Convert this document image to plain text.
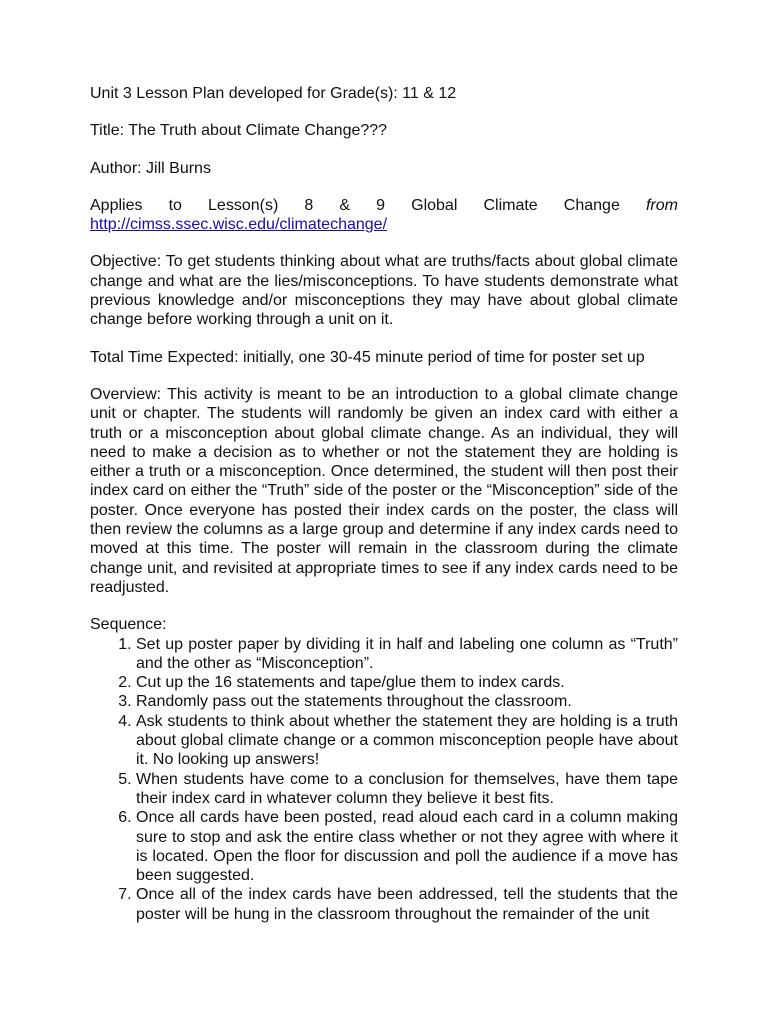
Unit 3 Lesson Plan developed for Grade(s): 11 & 12

Title: The Truth about Climate Change???

Author: Jill Burns

Applies to Lesson(s) 8 & 9 Global Climate Change from
http://cimss.ssec.wisc.edu/climatechange/

Objective: To get students thinking about what are truths/facts about global climate change and what are the lies/misconceptions. To have students demonstrate what previous knowledge and/or misconceptions they may have about global climate change before working through a unit on it.

Total Time Expected: initially, one 30-45 minute period of time for poster set up

Overview: This activity is meant to be an introduction to a global climate change unit or chapter. The students will randomly be given an index card with either a truth or a misconception about global climate change. As an individual, they will need to make a decision as to whether or not the statement they are holding is either a truth or a misconception. Once determined, the student will then post their index card on either the “Truth” side of the poster or the “Misconception” side of the poster. Once everyone has posted their index cards on the poster, the class will then review the columns as a large group and determine if any index cards need to moved at this time. The poster will remain in the classroom during the climate change unit, and revisited at appropriate times to see if any index cards need to be readjusted.

Sequence:

1. Set up poster paper by dividing it in half and labeling one column as “Truth” and the other as “Misconception”.
2. Cut up the 16 statements and tape/glue them to index cards.
3. Randomly pass out the statements throughout the classroom.
4. Ask students to think about whether the statement they are holding is a truth about global climate change or a common misconception people have about it. No looking up answers!
5. When students have come to a conclusion for themselves, have them tape their index card in whatever column they believe it best fits.
6. Once all cards have been posted, read aloud each card in a column making sure to stop and ask the entire class whether or not they agree with where it is located. Open the floor for discussion and poll the audience if a move has been suggested.
7. Once all of the index cards have been addressed, tell the students that the poster will be hung in the classroom throughout the remainder of the unit
